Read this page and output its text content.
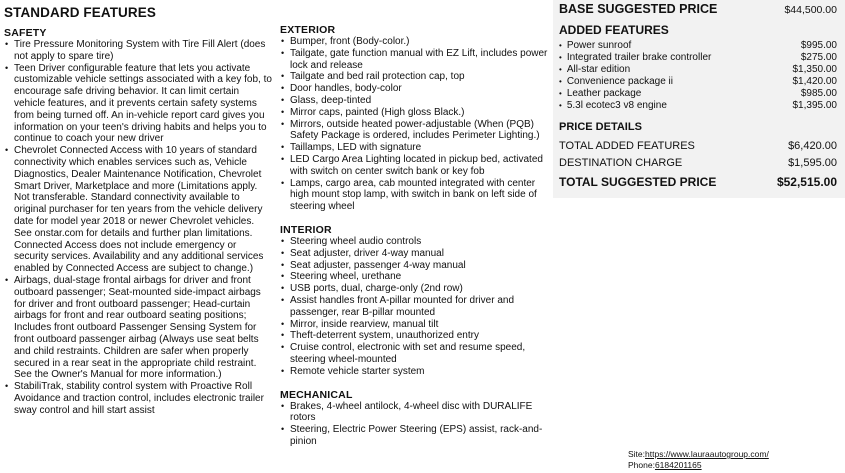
STANDARD FEATURES
SAFETY
• Tire Pressure Monitoring System with Tire Fill Alert (does not apply to spare tire)
• Teen Driver configurable feature that lets you activate customizable vehicle settings associated with a key fob, to encourage safe driving behavior. It can limit certain vehicle features, and it prevents certain safety systems from being turned off. An in-vehicle report card gives you information on your teen's driving habits and helps you to continue to coach your new driver
• Chevrolet Connected Access with 10 years of standard connectivity which enables services such as, Vehicle Diagnostics, Dealer Maintenance Notification, Chevrolet Smart Driver, Marketplace and more (Limitations apply. Not transferable. Standard connectivity available to original purchaser for ten years from the vehicle delivery date for model year 2018 or newer Chevrolet vehicles. See onstar.com for details and further plan limitations. Connected Access does not include emergency or security services. Availability and any additional services enabled by Connected Access are subject to change.)
• Airbags, dual-stage frontal airbags for driver and front outboard passenger; Seat-mounted side-impact airbags for driver and front outboard passenger; Head-curtain airbags for front and rear outboard seating positions; Includes front outboard Passenger Sensing System for front outboard passenger airbag (Always use seat belts and child restraints. Children are safer when properly secured in a rear seat in the appropriate child restraint. See the Owner's Manual for more information.)
• StabiliTrak, stability control system with Proactive Roll Avoidance and traction control, includes electronic trailer sway control and hill start assist
EXTERIOR
• Bumper, front (Body-color.)
• Tailgate, gate function manual with EZ Lift, includes power lock and release
• Tailgate and bed rail protection cap, top
• Door handles, body-color
• Glass, deep-tinted
• Mirror caps, painted (High gloss Black.)
• Mirrors, outside heated power-adjustable (When (PQB) Safety Package is ordered, includes Perimeter Lighting.)
• Taillamps, LED with signature
• LED Cargo Area Lighting located in pickup bed, activated with switch on center switch bank or key fob
• Lamps, cargo area, cab mounted integrated with center high mount stop lamp, with switch in bank on left side of steering wheel
INTERIOR
• Steering wheel audio controls
• Seat adjuster, driver 4-way manual
• Seat adjuster, passenger 4-way manual
• Steering wheel, urethane
• USB ports, dual, charge-only (2nd row)
• Assist handles front A-pillar mounted for driver and passenger, rear B-pillar mounted
• Mirror, inside rearview, manual tilt
• Theft-deterrent system, unauthorized entry
• Cruise control, electronic with set and resume speed, steering wheel-mounted
• Remote vehicle starter system
MECHANICAL
• Brakes, 4-wheel antilock, 4-wheel disc with DURALIFE rotors
• Steering, Electric Power Steering (EPS) assist, rack-and-pinion
BASE SUGGESTED PRICE	$44,500.00
ADDED FEATURES
• Power sunroof	$995.00
• Integrated trailer brake controller	$275.00
• All-star edition	$1,350.00
• Convenience package ii	$1,420.00
• Leather package	$985.00
• 5.3l ecotec3 v8 engine	$1,395.00
PRICE DETAILS
TOTAL ADDED FEATURES	$6,420.00
DESTINATION CHARGE	$1,595.00
TOTAL SUGGESTED PRICE	$52,515.00
Site:https://www.lauraautogroup.com/
Phone:6184201165
